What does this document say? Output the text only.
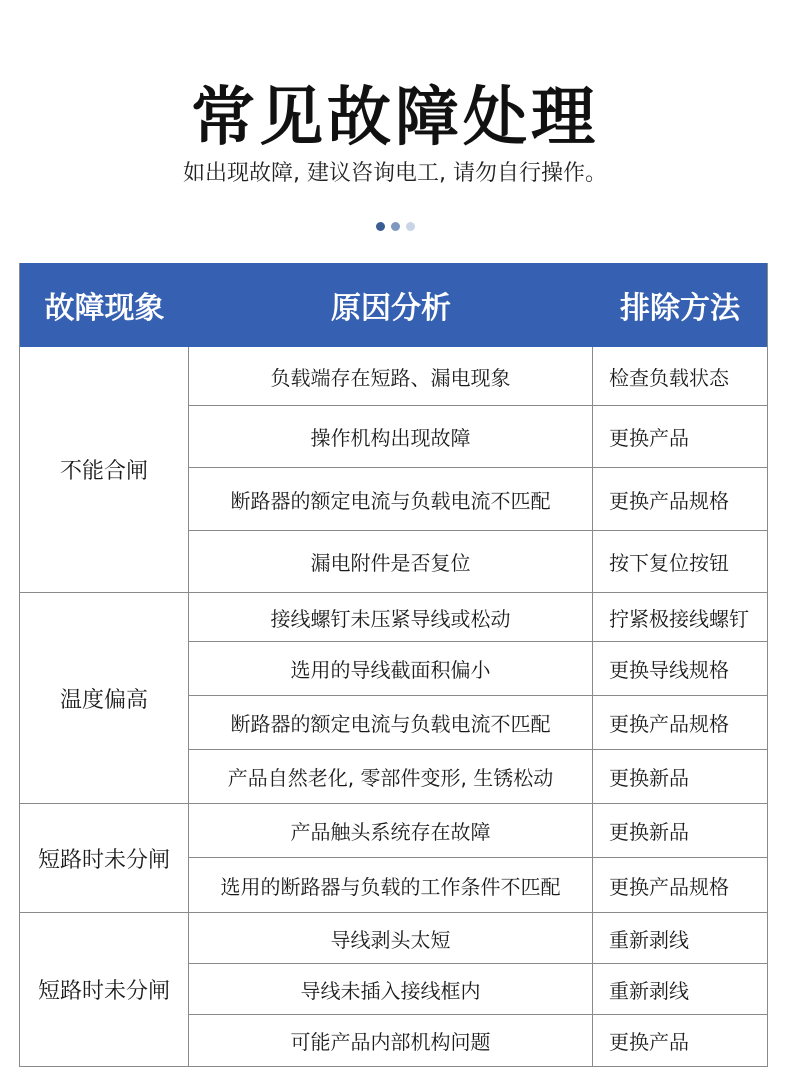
常见故障处理
如出现故障, 建议咨询电工, 请勿自行操作。
故障现象	原因分析	排除方法
不能合闸
负载端存在短路、漏电现象	检查负载状态
操作机构出现故障	更换产品
断路器的额定电流与负载电流不匹配	更换产品规格
漏电附件是否复位	按下复位按钮
温度偏高
接线螺钉未压紧导线或松动	拧紧极接线螺钉
选用的导线截面积偏小	更换导线规格
断路器的额定电流与负载电流不匹配	更换产品规格
产品自然老化, 零部件变形, 生锈松动	更换新品
短路时未分闸
产品触头系统存在故障	更换新品
选用的断路器与负载的工作条件不匹配	更换产品规格
短路时未分闸
导线剥头太短	重新剥线
导线未插入接线框内	重新剥线
可能产品内部机构问题	更换产品
